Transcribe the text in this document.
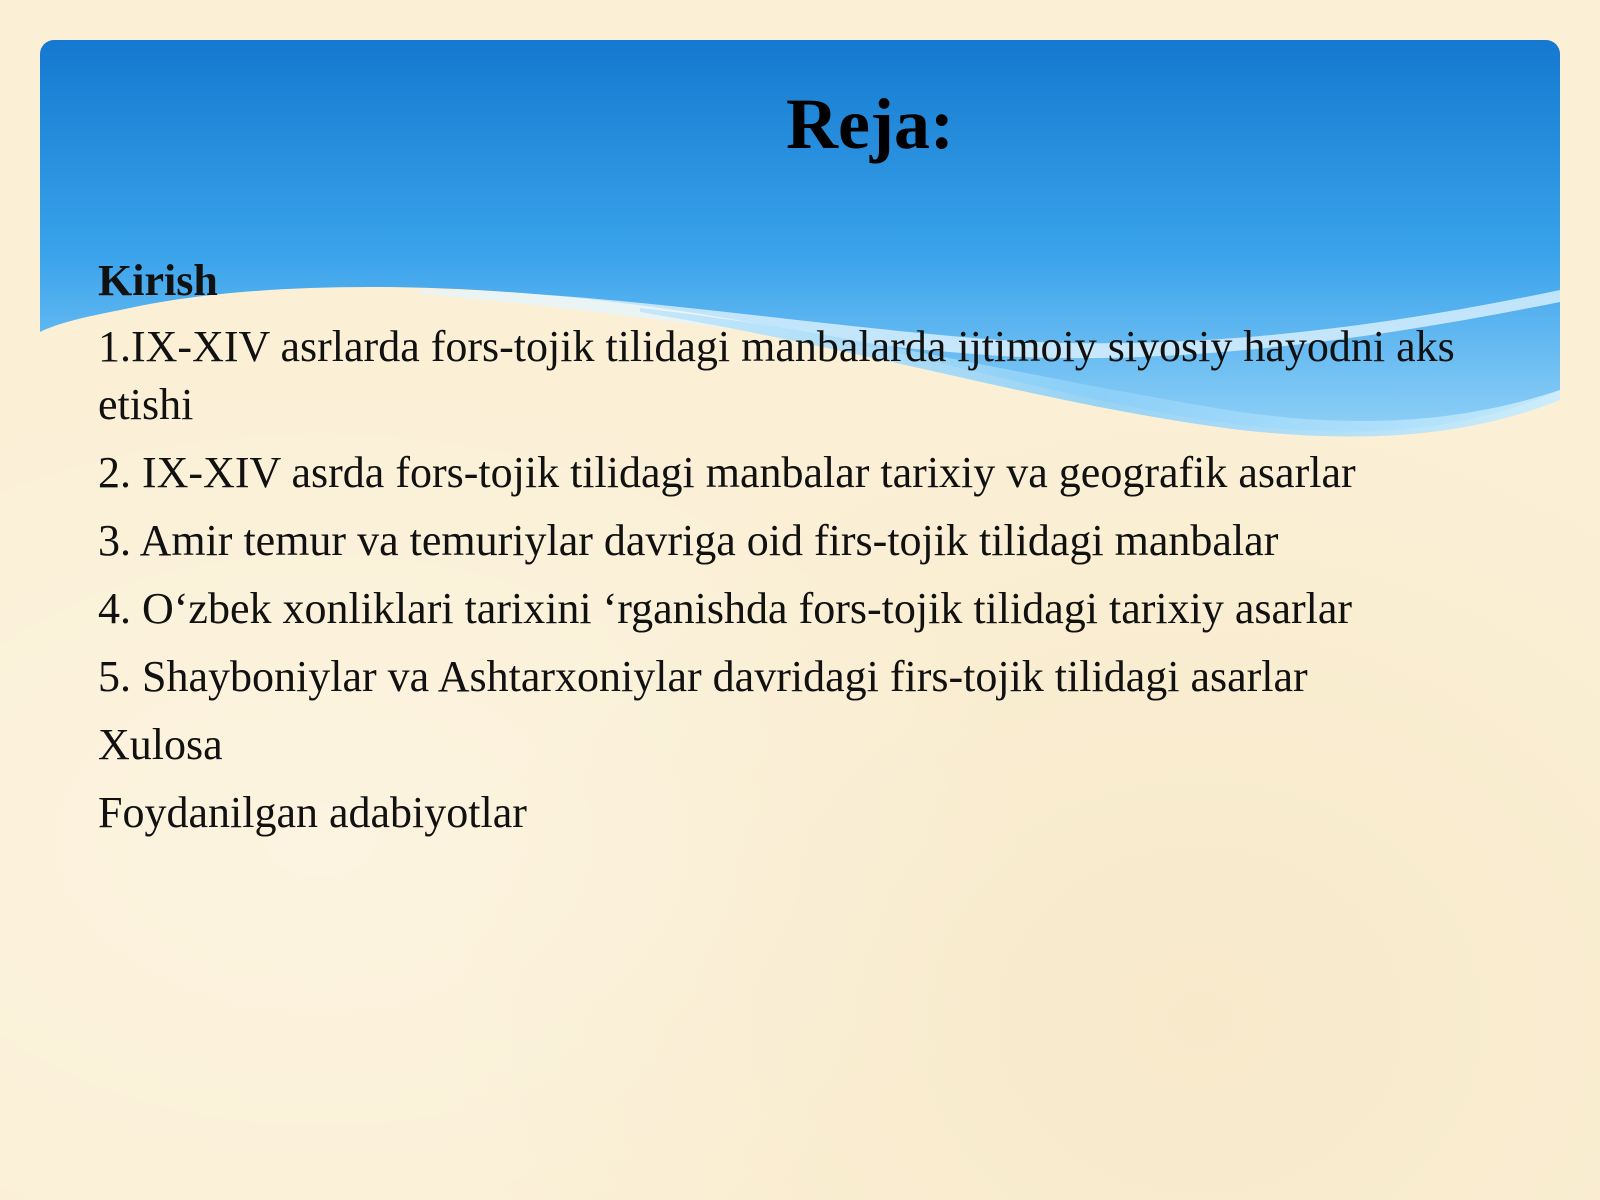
Reja:

Kirish

1.IX-XIV asrlarda fors-tojik tilidagi manbalarda ijtimoiy siyosiy hayodni aks etishi

2. IX-XIV asrda fors-tojik tilidagi manbalar tarixiy va geografik asarlar

3. Amir temur va temuriylar davriga oid firs-tojik tilidagi manbalar

4. O‘zbek xonliklari tarixini ‘rganishda fors-tojik tilidagi tarixiy asarlar

5. Shayboniylar va Ashtarxoniylar davridagi firs-tojik tilidagi asarlar

Xulosa

Foydanilgan adabiyotlar
